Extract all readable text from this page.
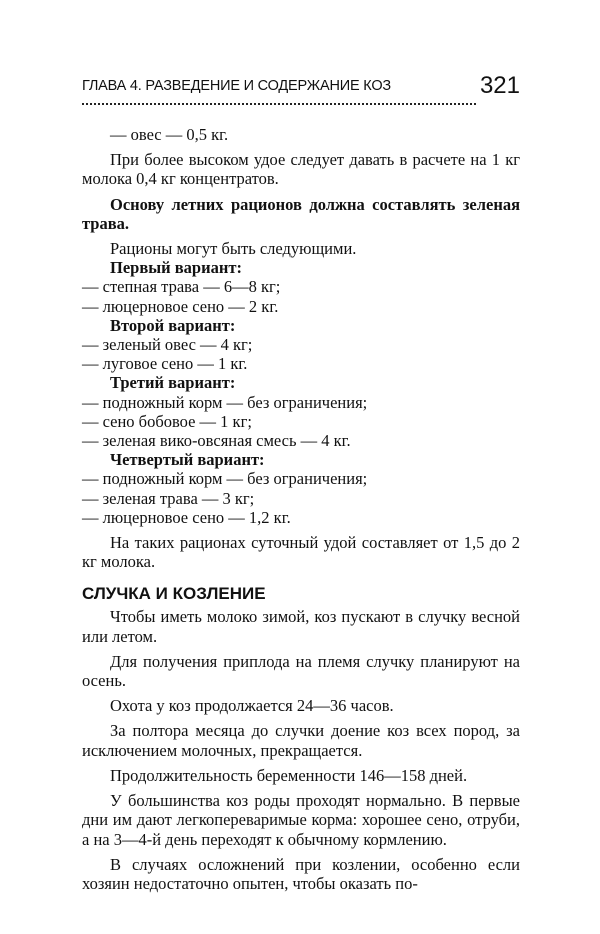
ГЛАВА 4. РАЗВЕДЕНИЕ И СОДЕРЖАНИЕ КОЗ	321
— овес — 0,5 кг.
При более высоком удое следует давать в расчете на 1 кг молока 0,4 кг концентратов.
Основу летних рационов должна составлять зеленая трава.
Рационы могут быть следующими.
Первый вариант:
— степная трава — 6—8 кг;
— люцерновое сено — 2 кг.
Второй вариант:
— зеленый овес — 4 кг;
— луговое сено — 1 кг.
Третий вариант:
— подножный корм — без ограничения;
— сено бобовое — 1 кг;
— зеленая вико-овсяная смесь — 4 кг.
Четвертый вариант:
— подножный корм — без ограничения;
— зеленая трава — 3 кг;
— люцерновое сено — 1,2 кг.
На таких рационах суточный удой составляет от 1,5 до 2 кг молока.
СЛУЧКА И КОЗЛЕНИЕ
Чтобы иметь молоко зимой, коз пускают в случку весной или летом.
Для получения приплода на племя случку планируют на осень.
Охота у коз продолжается 24—36 часов.
За полтора месяца до случки доение коз всех пород, за исключением молочных, прекращается.
Продолжительность беременности 146—158 дней.
У большинства коз роды проходят нормально. В первые дни им дают легкопереваримые корма: хорошее сено, отруби, а на 3—4-й день переходят к обычному кормлению.
В случаях осложнений при козлении, особенно если хозяин недостаточно опытен, чтобы оказать по-
